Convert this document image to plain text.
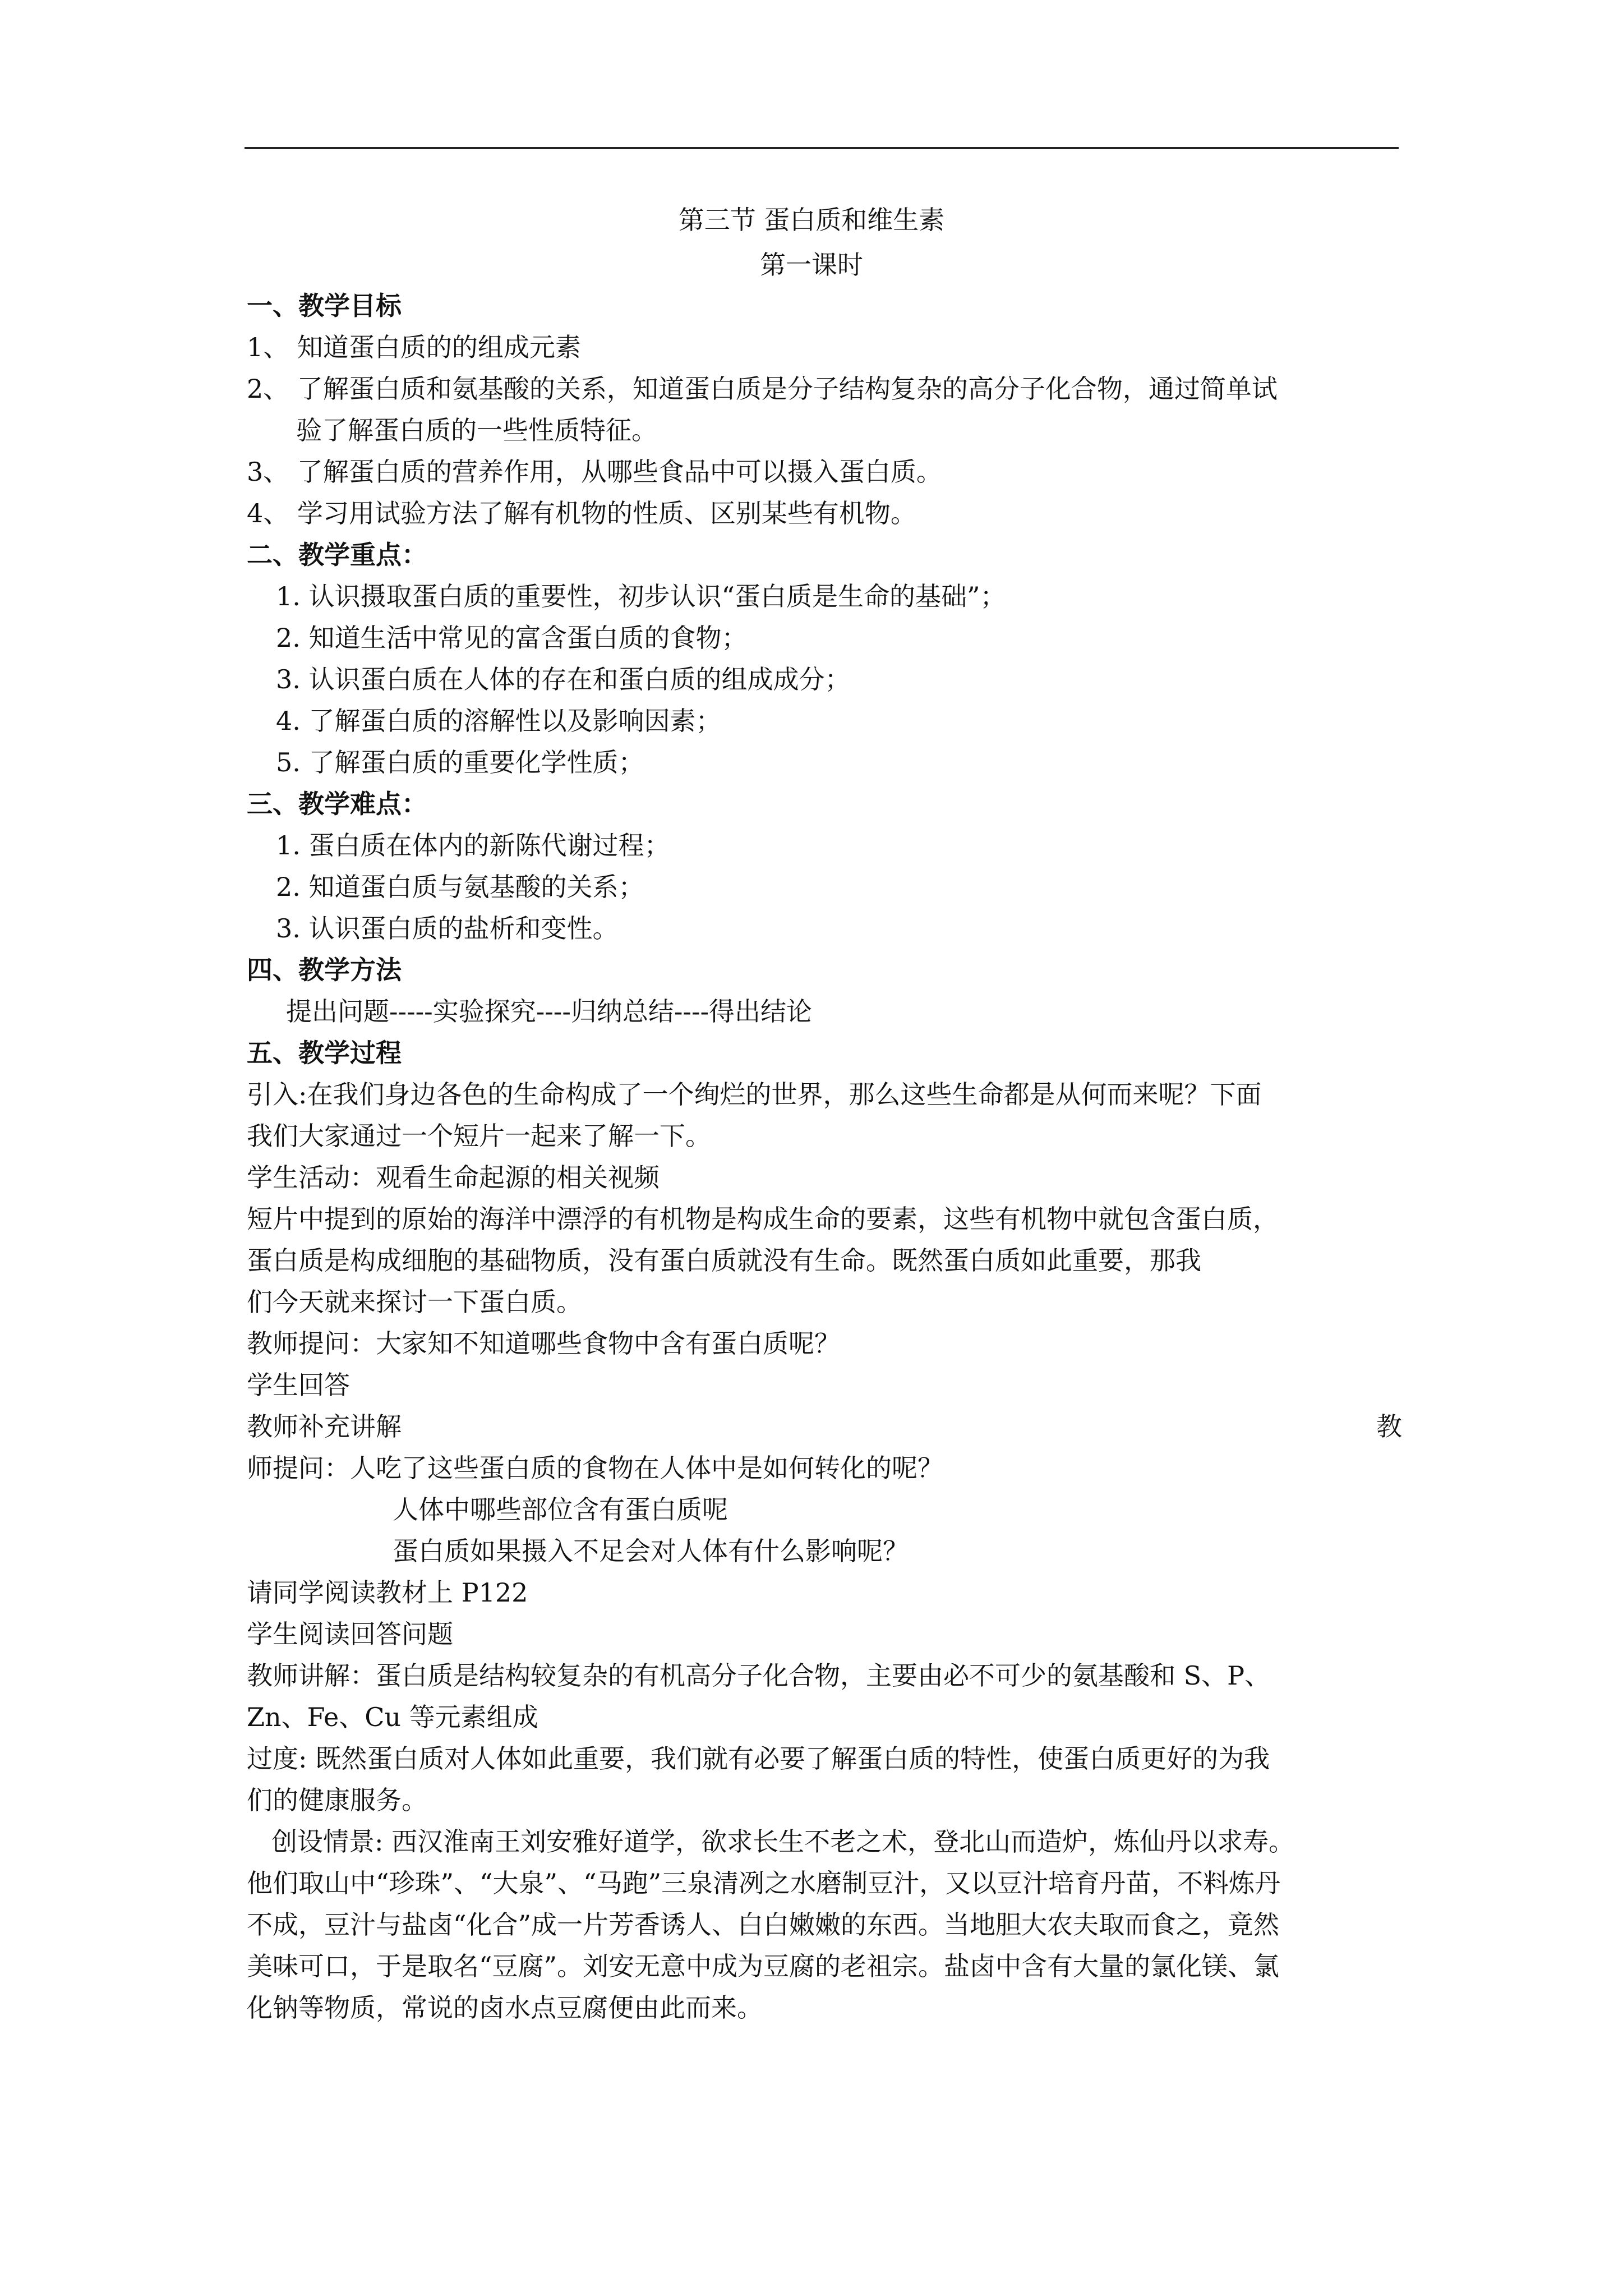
第三节 蛋白质和维生素
第一课时
一、教学目标
1、 知道蛋白质的的组成元素
2、 了解蛋白质和氨基酸的关系，知道蛋白质是分子结构复杂的高分子化合物，通过简单试
验了解蛋白质的一些性质特征。
3、 了解蛋白质的营养作用，从哪些食品中可以摄入蛋白质。
4、 学习用试验方法了解有机物的性质、区别某些有机物。
二、教学重点：
1. 认识摄取蛋白质的重要性，初步认识“蛋白质是生命的基础”；
2. 知道生活中常见的富含蛋白质的食物；
3. 认识蛋白质在人体的存在和蛋白质的组成成分；
4. 了解蛋白质的溶解性以及影响因素；
5. 了解蛋白质的重要化学性质；
三、教学难点：
1. 蛋白质在体内的新陈代谢过程；
2. 知道蛋白质与氨基酸的关系；
3. 认识蛋白质的盐析和变性。
四、教学方法
提出问题-----实验探究----归纳总结----得出结论
五、教学过程
引入:在我们身边各色的生命构成了一个绚烂的世界，那么这些生命都是从何而来呢？下面
我们大家通过一个短片一起来了解一下。
学生活动：观看生命起源的相关视频
短片中提到的原始的海洋中漂浮的有机物是构成生命的要素，这些有机物中就包含蛋白质，
蛋白质是构成细胞的基础物质，没有蛋白质就没有生命。既然蛋白质如此重要，那我
们今天就来探讨一下蛋白质。
教师提问：大家知不知道哪些食物中含有蛋白质呢？
学生回答
教师补充讲解	教
师提问：人吃了这些蛋白质的食物在人体中是如何转化的呢？
人体中哪些部位含有蛋白质呢
蛋白质如果摄入不足会对人体有什么影响呢？
请同学阅读教材上 P122
学生阅读回答问题
教师讲解：蛋白质是结构较复杂的有机高分子化合物，主要由必不可少的氨基酸和 S、P、
Zn、Fe、Cu 等元素组成
过度: 既然蛋白质对人体如此重要，我们就有必要了解蛋白质的特性，使蛋白质更好的为我
们的健康服务。
创设情景: 西汉淮南王刘安雅好道学，欲求长生不老之术，登北山而造炉，炼仙丹以求寿。
他们取山中“珍珠”、“大泉”、“马跑”三泉清冽之水磨制豆汁，又以豆汁培育丹苗，不料炼丹
不成，豆汁与盐卤“化合”成一片芳香诱人、白白嫩嫩的东西。当地胆大农夫取而食之，竟然
美味可口，于是取名“豆腐”。刘安无意中成为豆腐的老祖宗。盐卤中含有大量的氯化镁、氯
化钠等物质，常说的卤水点豆腐便由此而来。
